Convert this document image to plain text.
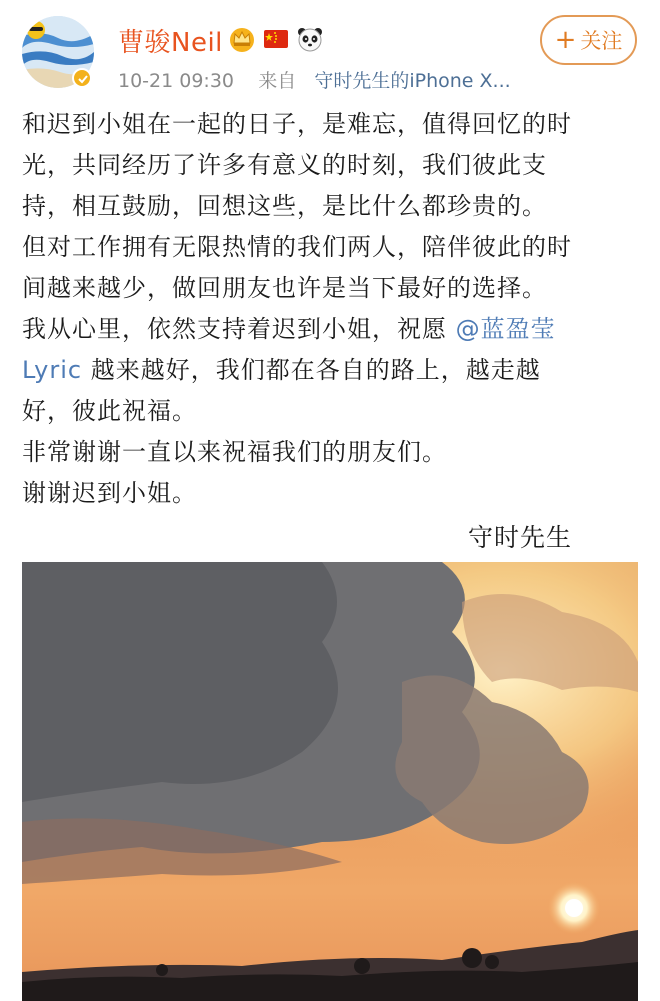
曹骏Neil
10-21 09:30 来自 守时先生的iPhone X...
+ 关注

和迟到小姐在一起的日子，是难忘，值得回忆的时

光，共同经历了许多有意义的时刻，我们彼此支

持，相互鼓励，回想这些，是比什么都珍贵的。

但对工作拥有无限热情的我们两人，陪伴彼此的时

间越来越少，做回朋友也许是当下最好的选择。

我从心里，依然支持着迟到小姐，祝愿 @蓝盈莹

Lyric 越来越好，我们都在各自的路上，越走越

好，彼此祝福。

非常谢谢一直以来祝福我们的朋友们。

谢谢迟到小姐。

守时先生
